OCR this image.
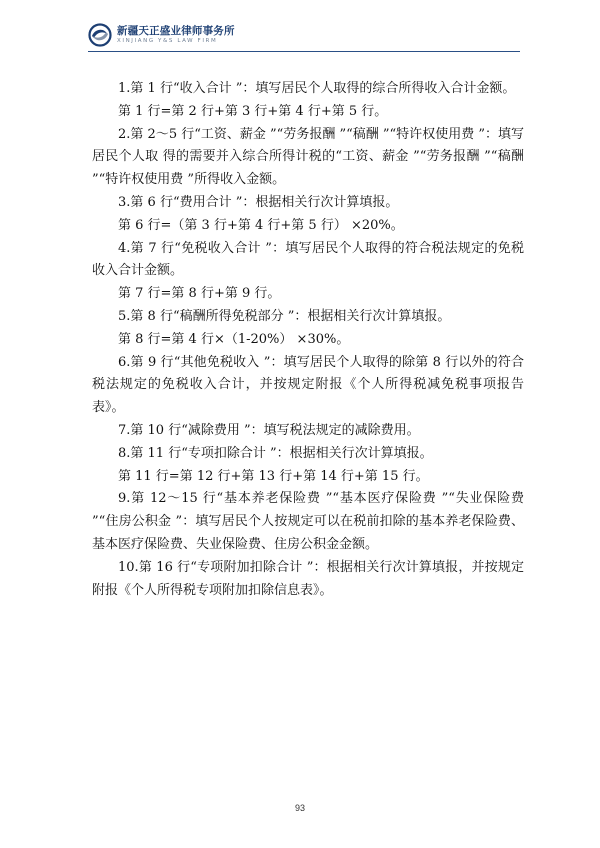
新疆天正盛业律师事务所
XINJIANG Y&S LAW FIRM

1.第 1 行“收入合计 ”：填写居民个人取得的综合所得收入合计金额。

第 1 行=第 2 行+第 3 行+第 4 行+第 5 行。

2.第 2～5 行“工资、薪金 ”“劳务报酬 ”“稿酬 ”“特许权使用费 ”：填写居民个人取 得的需要并入综合所得计税的“工资、薪金 ”“劳务报酬 ”“稿酬 ”“特许权使用费 ”所得收入金额。

3.第 6 行“费用合计 ”：根据相关行次计算填报。

第 6 行=（第 3 行+第 4 行+第 5 行） ×20%。

4.第 7 行“免税收入合计 ”：填写居民个人取得的符合税法规定的免税收入合计金额。

第 7 行=第 8 行+第 9 行。

5.第 8 行“稿酬所得免税部分 ”：根据相关行次计算填报。

第 8 行=第 4 行×（1-20%） ×30%。

6.第 9 行“其他免税收入 ”：填写居民个人取得的除第 8 行以外的符合税法规定的免税收入合计，并按规定附报《个人所得税减免税事项报告表》。

7.第 10 行“减除费用 ”：填写税法规定的减除费用。

8.第 11 行“专项扣除合计 ”：根据相关行次计算填报。

第 11 行=第 12 行+第 13 行+第 14 行+第 15 行。

9.第 12～15 行“基本养老保险费 ”“基本医疗保险费 ”“失业保险费 ”“住房公积金 ”：填写居民个人按规定可以在税前扣除的基本养老保险费、基本医疗保险费、失业保险费、住房公积金金额。

10.第 16 行“专项附加扣除合计 ”：根据相关行次计算填报，并按规定附报《个人所得税专项附加扣除信息表》。

93
